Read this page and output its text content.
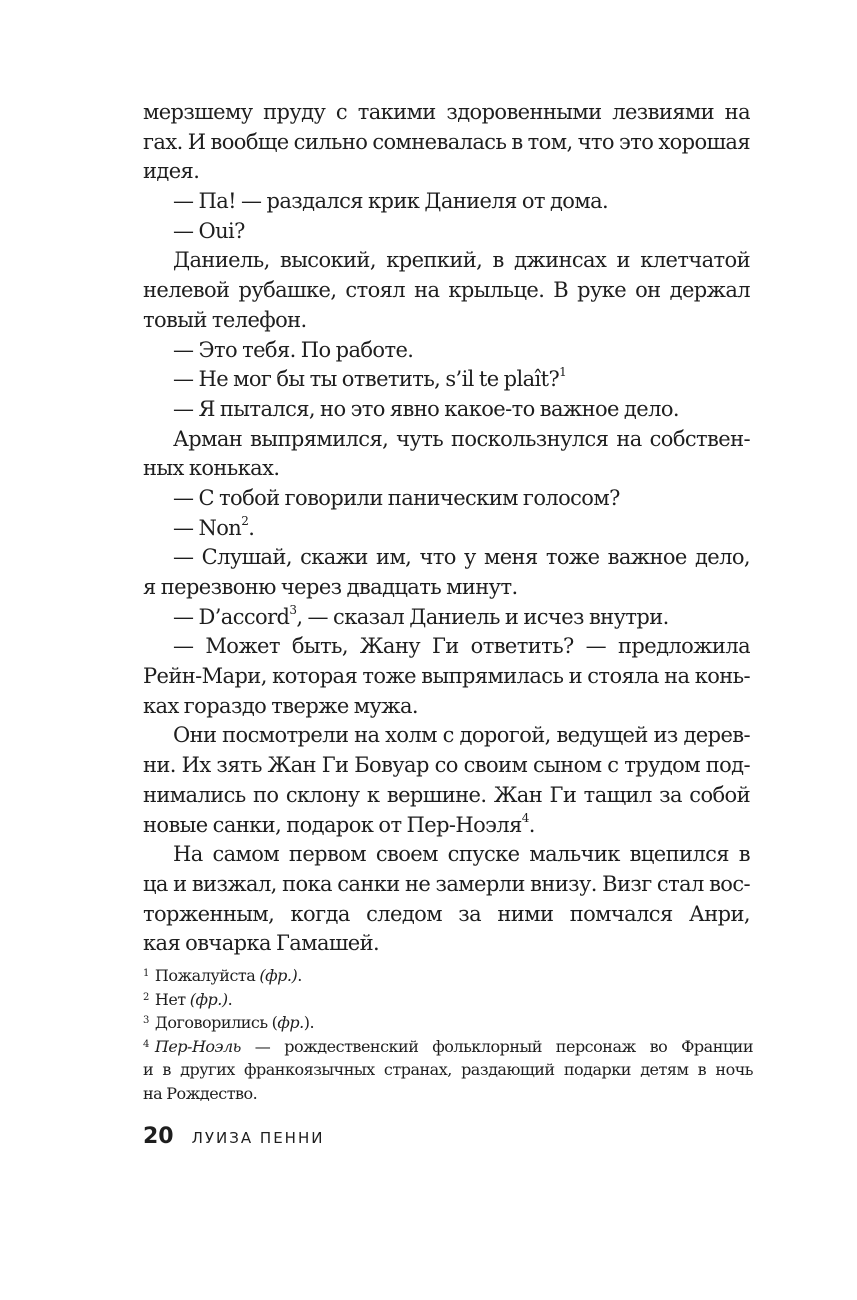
мерзшему пруду с такими здоровенными лезвиями на
гах. И вообще сильно сомневалась в том, что это хорошая
идея.
— Па! — раздался крик Даниеля от дома.
— Oui?
Даниель, высокий, крепкий, в джинсах и клетчатой
нелевой рубашке, стоял на крыльце. В руке он держал
товый телефон.
— Это тебя. По работе.
— Не мог бы ты ответить, s’il te plaît?$^1$
— Я пытался, но это явно какое-то важное дело.
Арман выпрямился, чуть поскользнулся на собствен-
ных коньках.
— С тобой говорили паническим голосом?
— Non$^2$.
— Слушай, скажи им, что у меня тоже важное дело,
я перезвоню через двадцать минут.
— D’accord$^3$, — сказал Даниель и исчез внутри.
— Может быть, Жану Ги ответить? — предложила
Рейн-Мари, которая тоже выпрямилась и стояла на конь-
ках гораздо тверже мужа.
Они посмотрели на холм с дорогой, ведущей из дерев-
ни. Их зять Жан Ги Бовуар со своим сыном с трудом под-
нимались по склону к вершине. Жан Ги тащил за собой
новые санки, подарок от Пер-Ноэля$^4$.
На самом первом своем спуске мальчик вцепился в
ца и визжал, пока санки не замерли внизу. Визг стал вос-
торженным, когда следом за ними помчался Анри,
кая овчарка Гамашей.
1 Пожалуйста (фр.).
2 Нет (фр.).
3 Договорились (фр.).
4 Пер-Ноэль — рождественский фольклорный персонаж во Франции
и в других франкоязычных странах, раздающий подарки детям в ночь
на Рождество.
20 ЛУИЗА ПЕННИ
